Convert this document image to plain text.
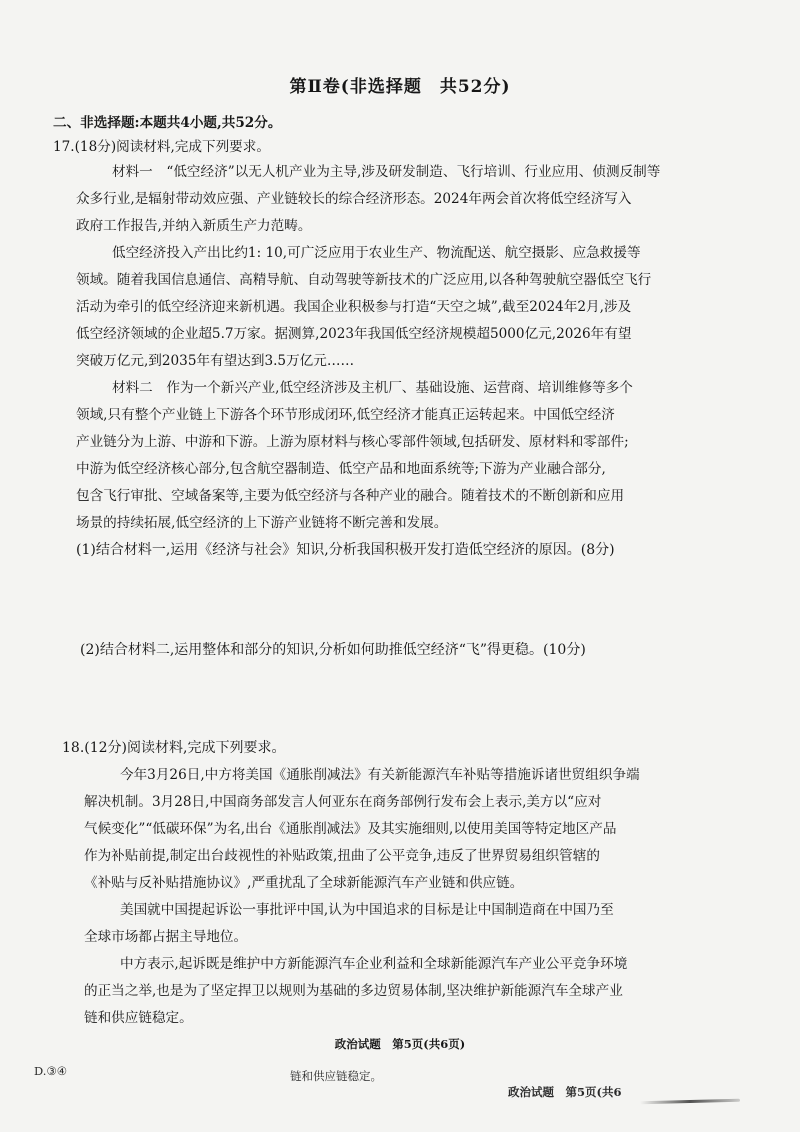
第Ⅱ卷(非选择题　共52分)
二、非选择题:本题共4小题,共52分。
17.(18分)阅读材料,完成下列要求。
材料一　“低空经济”以无人机产业为主导,涉及研发制造、飞行培训、行业应用、侦测反制等
众多行业,是辐射带动效应强、产业链较长的综合经济形态。2024年两会首次将低空经济写入
政府工作报告,并纳入新质生产力范畴。
低空经济投入产出比约1: 10,可广泛应用于农业生产、物流配送、航空摄影、应急救援等
领域。随着我国信息通信、高精导航、自动驾驶等新技术的广泛应用,以各种驾驶航空器低空飞行
活动为牵引的低空经济迎来新机遇。我国企业积极参与打造“天空之城”,截至2024年2月,涉及
低空经济领域的企业超5.7万家。据测算,2023年我国低空经济规模超5000亿元,2026年有望
突破万亿元,到2035年有望达到3.5万亿元……
材料二　作为一个新兴产业,低空经济涉及主机厂、基础设施、运营商、培训维修等多个
领域,只有整个产业链上下游各个环节形成闭环,低空经济才能真正运转起来。中国低空经济
产业链分为上游、中游和下游。上游为原材料与核心零部件领域,包括研发、原材料和零部件;
中游为低空经济核心部分,包含航空器制造、低空产品和地面系统等;下游为产业融合部分,
包含飞行审批、空域备案等,主要为低空经济与各种产业的融合。随着技术的不断创新和应用
场景的持续拓展,低空经济的上下游产业链将不断完善和发展。
(1)结合材料一,运用《经济与社会》知识,分析我国积极开发打造低空经济的原因。(8分)
(2)结合材料二,运用整体和部分的知识,分析如何助推低空经济“飞”得更稳。(10分)
18.(12分)阅读材料,完成下列要求。
今年3月26日,中方将美国《通胀削减法》有关新能源汽车补贴等措施诉诸世贸组织争端
解决机制。3月28日,中国商务部发言人何亚东在商务部例行发布会上表示,美方以“应对
气候变化”“低碳环保”为名,出台《通胀削减法》及其实施细则,以使用美国等特定地区产品
作为补贴前提,制定出台歧视性的补贴政策,扭曲了公平竞争,违反了世界贸易组织管辖的
《补贴与反补贴措施协议》,严重扰乱了全球新能源汽车产业链和供应链。
美国就中国提起诉讼一事批评中国,认为中国追求的目标是让中国制造商在中国乃至
全球市场都占据主导地位。
中方表示,起诉既是维护中方新能源汽车企业利益和全球新能源汽车产业公平竞争环境
的正当之举,也是为了坚定捍卫以规则为基础的多边贸易体制,坚决维护新能源汽车全球产业
链和供应链稳定。
政治试题　第5页(共6页)
D.③④	链和供应链稳定。
政治试题　第5页(共6
